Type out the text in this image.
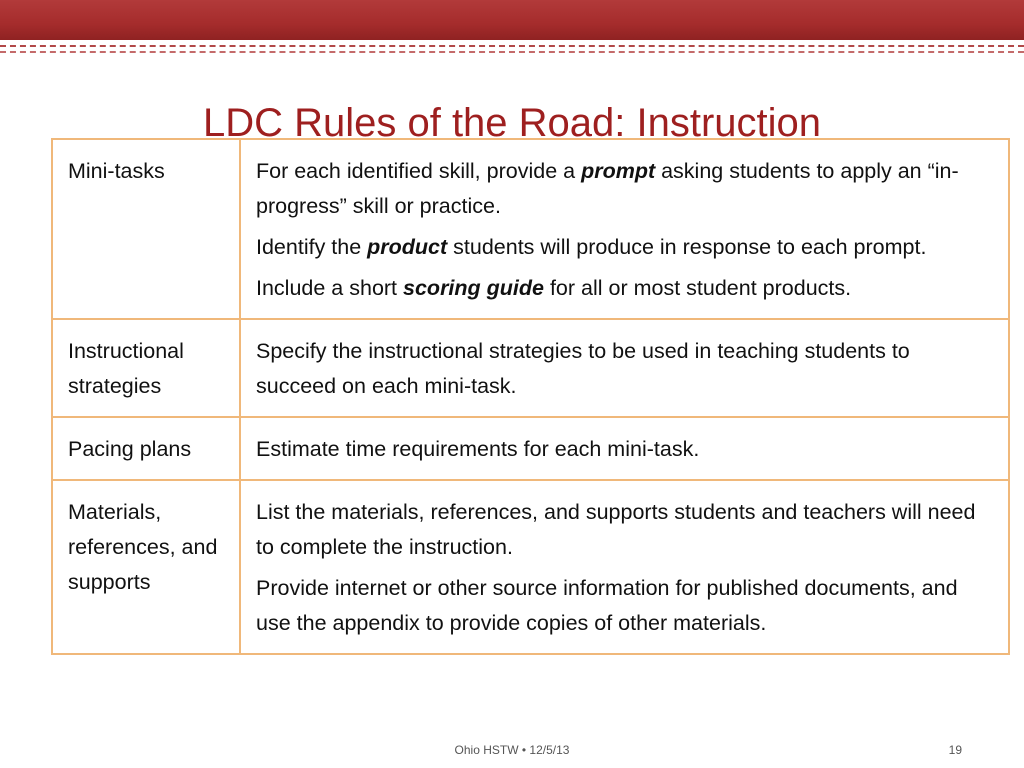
LDC Rules of the Road: Instruction
Mini-tasks	For each identified skill, provide a prompt asking students to apply an “in-progress” skill or practice.

Identify the product students will produce in response to each prompt.

Include a short scoring guide for all or most student products.

Instructional strategies	Specify the instructional strategies to be used in teaching students to succeed on each mini-task.

Pacing plans	Estimate time requirements for each mini-task.

Materials, references, and supports	List the materials, references, and supports students and teachers will need to complete the instruction.

Provide internet or other source information for published documents, and use the appendix to provide copies of other materials.

Ohio HSTW • 12/5/13	19
